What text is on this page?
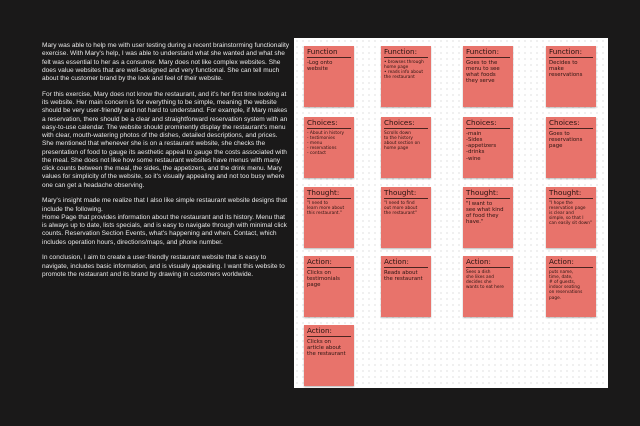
Mary was able to help me with user testing during a recent brainstorming functionality exercise. With Mary's help, I was able to understand what she wanted and what she felt was essential to her as a consumer. Mary does not like complex websites. She does value websites that are well-designed and very functional. She can tell much about the customer brand by the look and feel of their website.

For this exercise, Mary does not know the restaurant, and it's her first time looking at its website. Her main concern is for everything to be simple, meaning the website should be very user-friendly and not hard to understand. For example, if Mary makes a reservation, there should be a clear and straightforward reservation system with an easy-to-use calendar. The website should prominently display the restaurant's menu with clear, mouth-watering photos of the dishes, detailed descriptions, and prices. She mentioned that whenever she is on a restaurant website, she checks the presentation of food to gauge its aesthetic appeal to gauge the costs associated with the meal. She does not like how some restaurant websites have menus with many click counts between the meal, the sides, the appetizers, and the drink menu. Mary values for simplicity of the website, so it's visually appealing and not too busy where one can get a headache observing.

Mary's insight made me realize that I also like simple restaurant website designs that include the following.
Home Page that provides information about the restaurant and its history. Menu that is always up to date, lists specials, and is easy to navigate through with minimal click counts. Reservation Section Events, what's happening and when. Contact, which includes operation hours, directions/maps, and phone number.

In conclusion, I aim to create a user-friendly restaurant website that is easy to navigate, includes basic information, and is visually appealing. I want this website to promote the restaurant and its brand by drawing in customers worldwide.

Function
-Log onto
website
Function:
• browses through
home page
• reads info about
the restaurant
Function:
Goes to the
menu to see
what foods
they serve
Function:
Decides to
make
reservations
Choices:
- About in history
- testimonies
- menu
- reservations
- contact
Choices:
Scrolls down
to the history
about section on
home page
Choices:
-main
-Sides
-appetizers
-drinks
-wine
Choices:
Goes to
reservations
page
Thought:
"I need to
learn more about
this restaurant."
Thought:
"I need to find
out more about
the restaurant"
Thought:
"I want to
see what kind
of food they
have."
Thought:
"I hope the
reservation page
is clear and
simple, so that I
can easily sit down"
Action:
Clicks on
testimonials
page
Action:
Reads about
the restaurant
Action:
Sees a dish
she likes and
decides she
wants to eat here
Action:
puts name,
time, date,
# of guests,
indoor seating
on reservations
page.
Action:
Clicks on
article about
the restaurant
